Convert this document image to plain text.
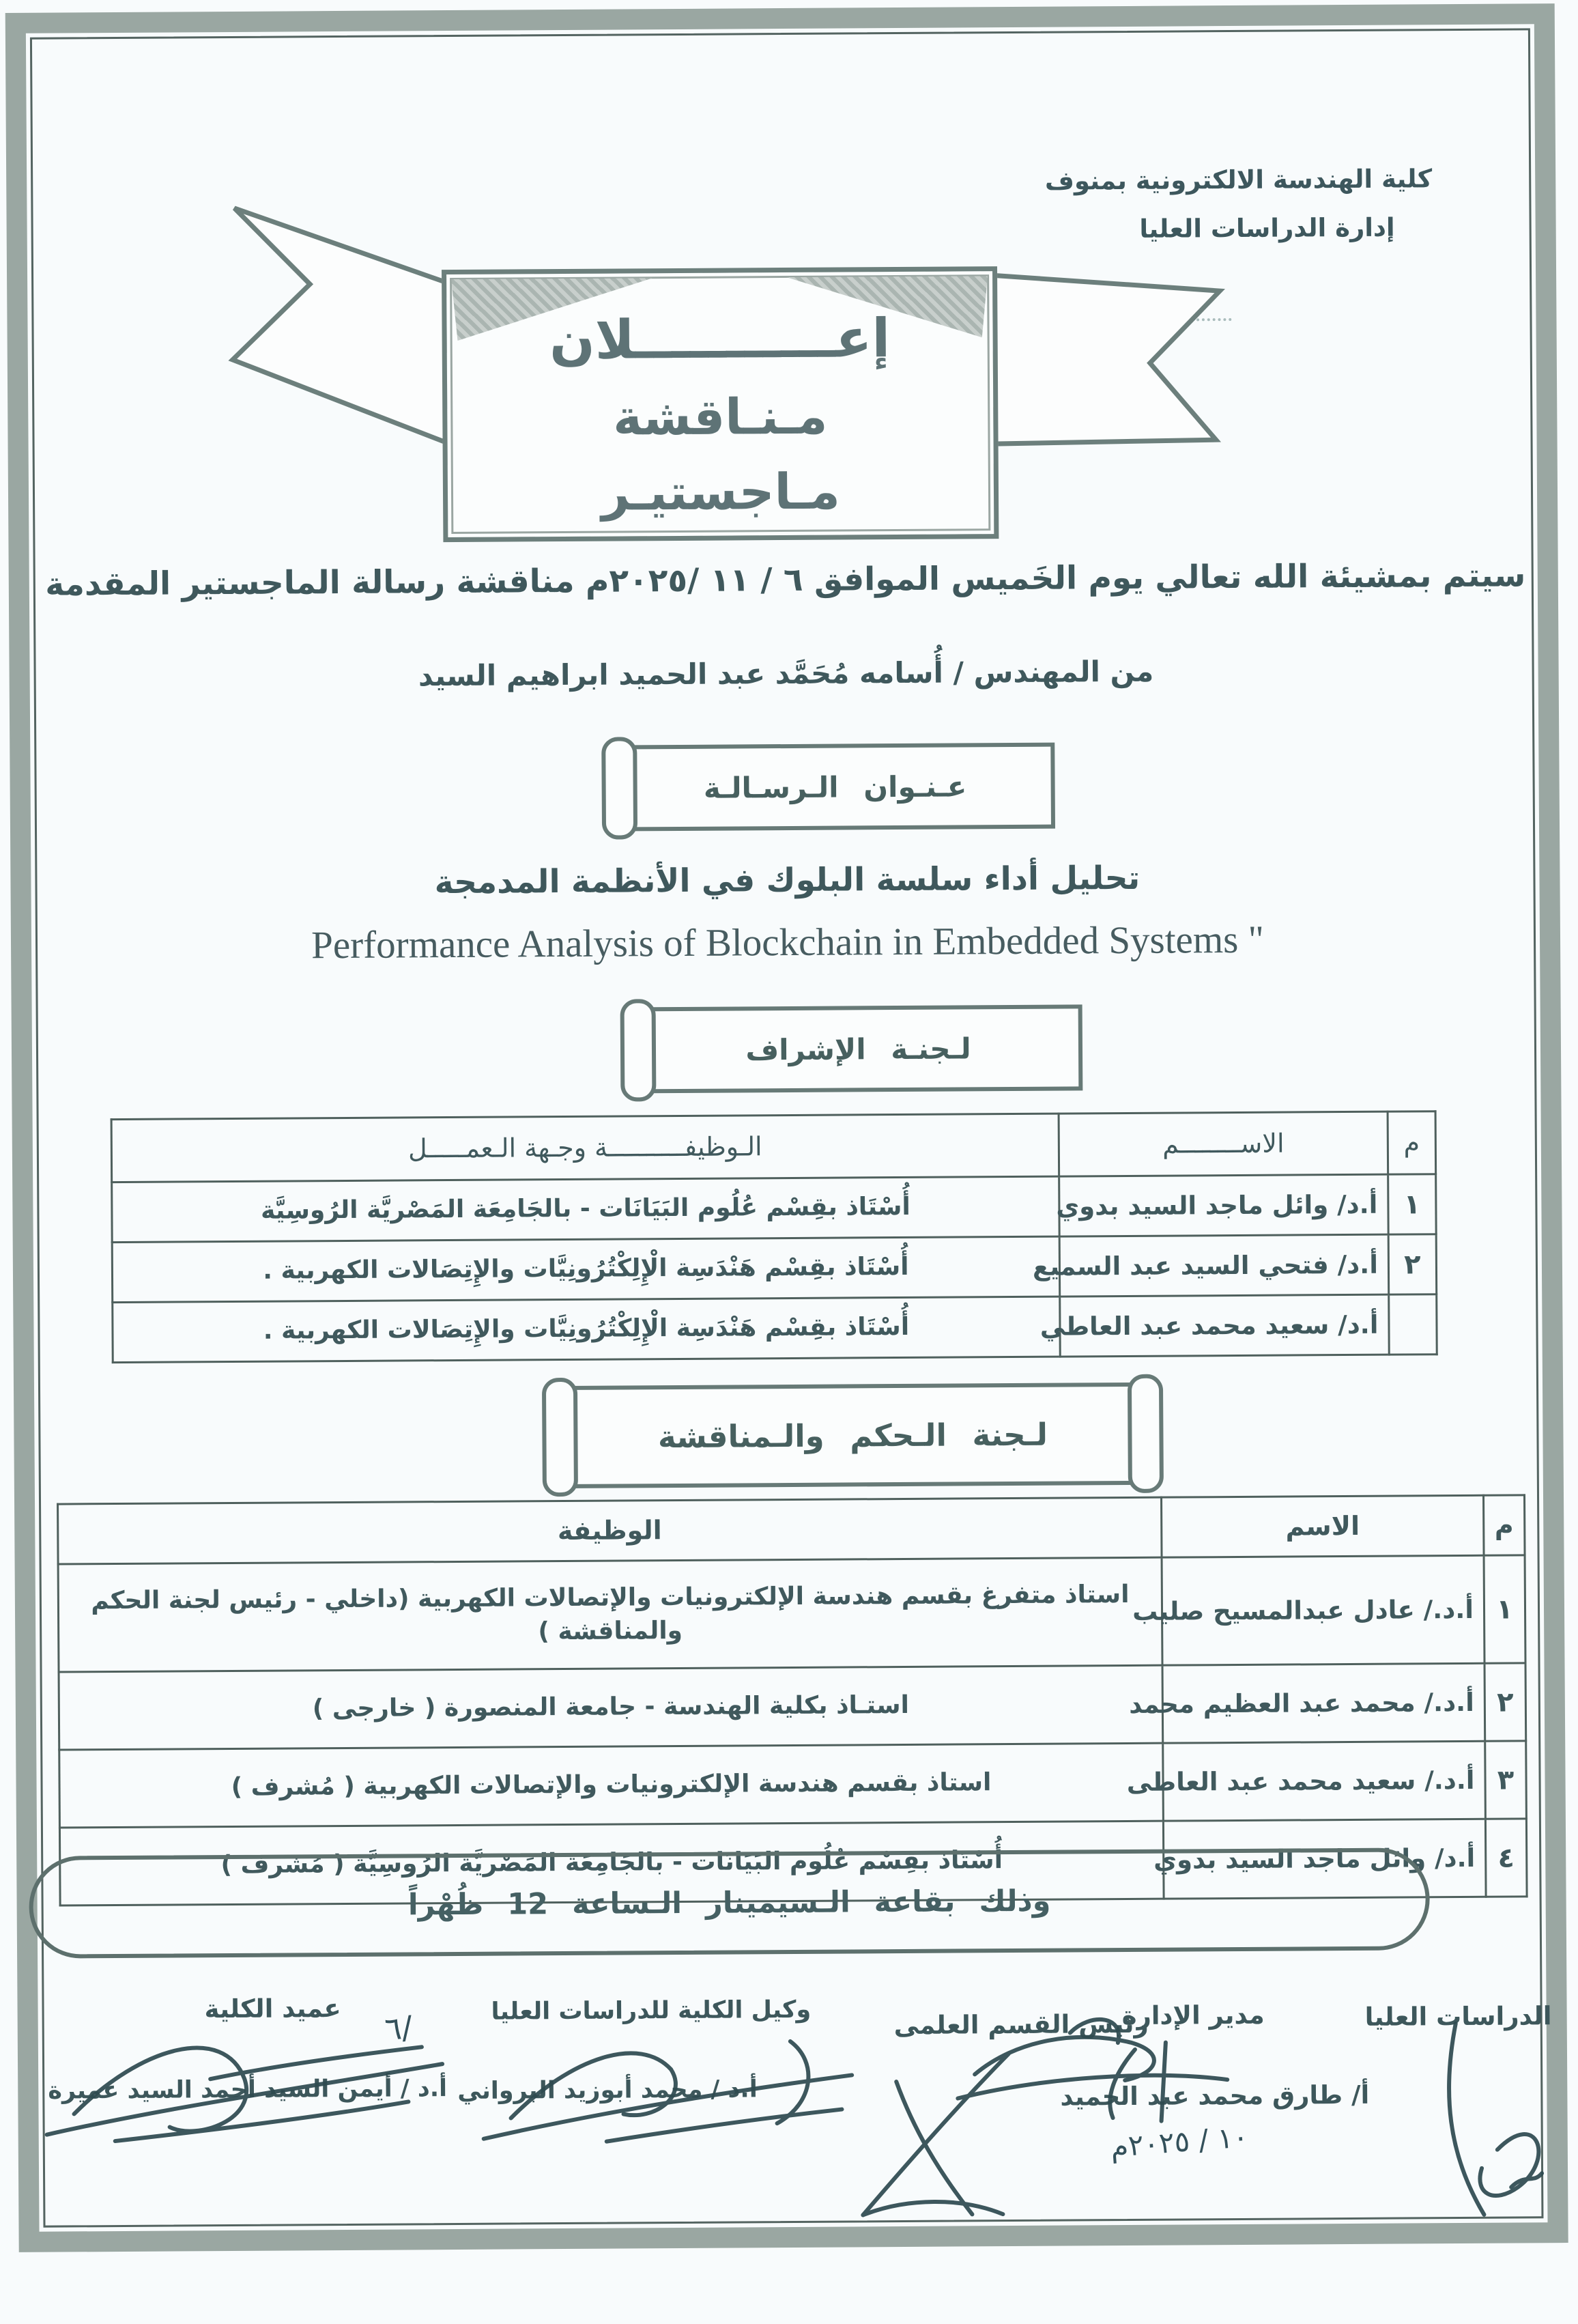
كلية الهندسة الالكترونية بمنوف
إدارة الدراسات العليا
إعـــــــــــلان
مـنـاقشة
مـاجستيـر
سيتم بمشيئة الله تعالي يوم الخَميس الموافق ٦ / ١١ /٢٠٢٥م مناقشة رسالة الماجستير المقدمة
من المهندس / أُسامه مُحَمَّد عبد الحميد ابراهيم السيد
عـنـوان الـرسـالـة
تحليل أداء سلسة البلوك في الأنظمة المدمجة
Performance Analysis of Blockchain in Embedded Systems "
لـجنـة الإشراف
م	الاســــــــم	الـوظيفــــــــــة وجـهة الـعمـــــل
١	أ.د/ وائل ماجد السيد بدوي	أُسْتَاذ بقِسْم عُلُوم البَيَانَات - بالجَامِعَة المَصْريَّة الرُوسِيَّة
٢	أ.د/ فتحي السيد عبد السميع	أُسْتَاذ بقِسْم هَنْدَسِة الْإِلِكْتُرُونِيَّات والإِتِصَالات الكهربية .
	أ.د/ سعيد محمد عبد العاطي	أُسْتَاذ بقِسْم هَنْدَسِة الْإِلِكْتُرُونِيَّات والإِتِصَالات الكهربية .
لـجنة الـحكم والـمناقشة
م	الاسم	الوظيفة
١	أ.د./ عادل عبدالمسيح صليب	استاذ متفرغ بقسم هندسة الإلكترونيات والإتصالات الكهربية (داخلي - رئيس لجنة الحكم والمناقشة )
٢	أ.د./ محمد عبد العظيم محمد	استـاذ بكلية الهندسة - جامعة المنصورة ( خارجى )
٣	أ.د./ سعيد محمد عبد العاطى	استاذ بقسم هندسة الإلكترونيات والإتصالات الكهربية ( مُشرف )
٤	أ.د/ وائل ماجد السيد بدوي	أُسْتَاذ بقِسْم عُلُوم البَيَانَات - بالجَامِعَة المَصْريَّة الرُوسِيَّة ( مُشرف )
وذلك بقاعة الـسيمينار الـساعة 12 ظُهْراً
الدراسات العليا
مدير الإدارة
رئيس القسم العلمى
وكيل الكلية للدراسات العليا
عميد الكلية
أ/ طارق محمد عبد الحميد
١٠ / ٢٠٢٥م
أ.د / محمد أبوزيد البرواني
أ.د / أيمن السيد أحمد السيد عميرة
/٦
